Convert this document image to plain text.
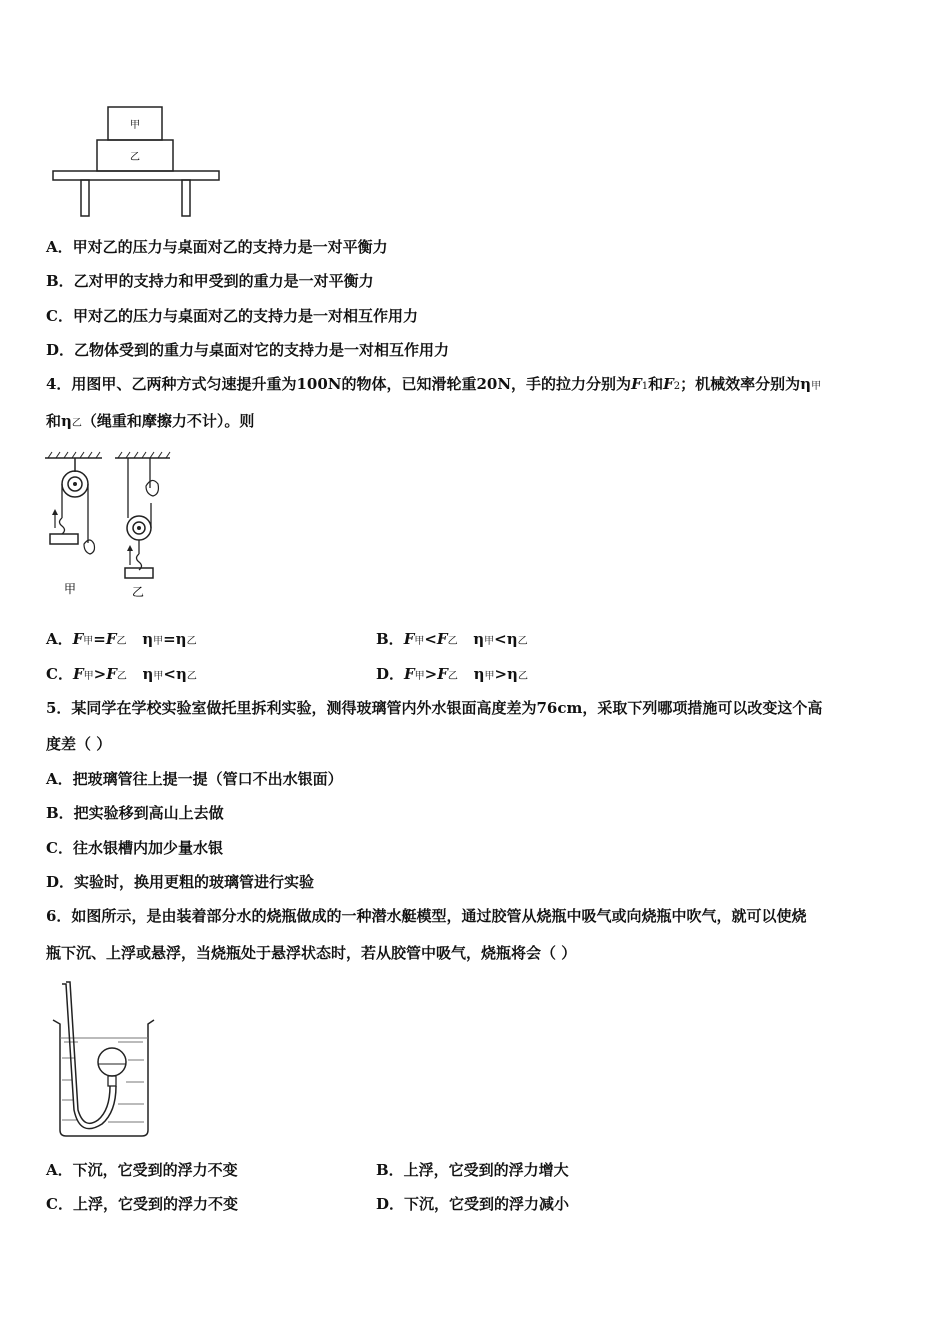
甲
乙
A．甲对乙的压力与桌面对乙的支持力是一对平衡力
B．乙对甲的支持力和甲受到的重力是一对平衡力
C．甲对乙的压力与桌面对乙的支持力是一对相互作用力
D．乙物体受到的重力与桌面对它的支持力是一对相互作用力
4．用图甲、乙两种方式匀速提升重为100N的物体，已知滑轮重20N，手的拉力分别为F1和F2；机械效率分别为η甲
和η乙（绳重和摩擦力不计）。则
甲	乙
A．F甲=F乙 η甲=η乙	B．F甲<F乙 η甲<η乙
C．F甲>F乙 η甲<η乙	D．F甲>F乙 η甲>η乙
5．某同学在学校实验室做托里拆利实验，测得玻璃管内外水银面高度差为76cm，采取下列哪项措施可以改变这个高
度差（ ）
A．把玻璃管往上提一提（管口不出水银面）
B．把实验移到高山上去做
C．往水银槽内加少量水银
D．实验时，换用更粗的玻璃管进行实验
6．如图所示，是由装着部分水的烧瓶做成的一种潜水艇模型，通过胶管从烧瓶中吸气或向烧瓶中吹气，就可以使烧
瓶下沉、上浮或悬浮，当烧瓶处于悬浮状态时，若从胶管中吸气，烧瓶将会（ ）
A．下沉，它受到的浮力不变	B．上浮，它受到的浮力增大
C．上浮，它受到的浮力不变	D．下沉，它受到的浮力减小
